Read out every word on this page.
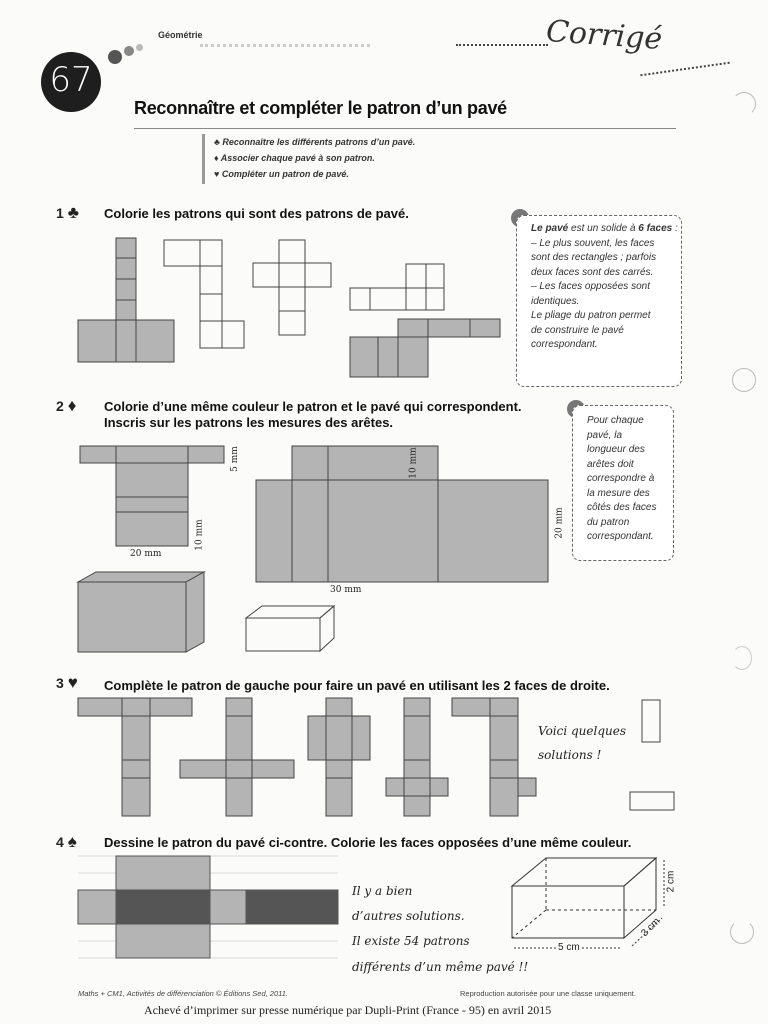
67
Géométrie	Corrigé
Reconnaître et compléter le patron d’un pavé
♣ Reconnaître les différents patrons d’un pavé.
♦ Associer chaque pavé à son patron.
♥ Compléter un patron de pavé.
1 ♣ Colorie les patrons qui sont des patrons de pavé.
2 ♦ Colorie d’une même couleur le patron et le pavé qui correspondent.
Inscris sur les patrons les mesures des arêtes.
3 ♥ Complète le patron de gauche pour faire un pavé en utilisant les 2 faces de droite.
4 ♠ Dessine le patron du pavé ci-contre. Colorie les faces opposées d’une même couleur.
Le pavé est un solide à 6 faces :
– Le plus souvent, les faces
sont des rectangles ; parfois
deux faces sont des carrés.
– Les faces opposées sont
identiques.
Le pliage du patron permet
de construire le pavé
correspondant.
Pour chaque
pavé, la
longueur des
arêtes doit
correspondre à
la mesure des
côtés des faces
du patron
correspondant.
5 mm
10 mm
20 mm
10 mm
20 mm
30 mm
Voici quelques
solutions !
Il y a bien
d’autres solutions.
Il existe 54 patrons
différents d’un même pavé !!
2 cm
3 cm
5 cm
Maths + CM1, Activités de différenciation © Éditions Sed, 2011.	Reproduction autorisée pour une classe uniquement.
Achevé d’imprimer sur presse numérique par Dupli-Print (France - 95) en avril 2015
